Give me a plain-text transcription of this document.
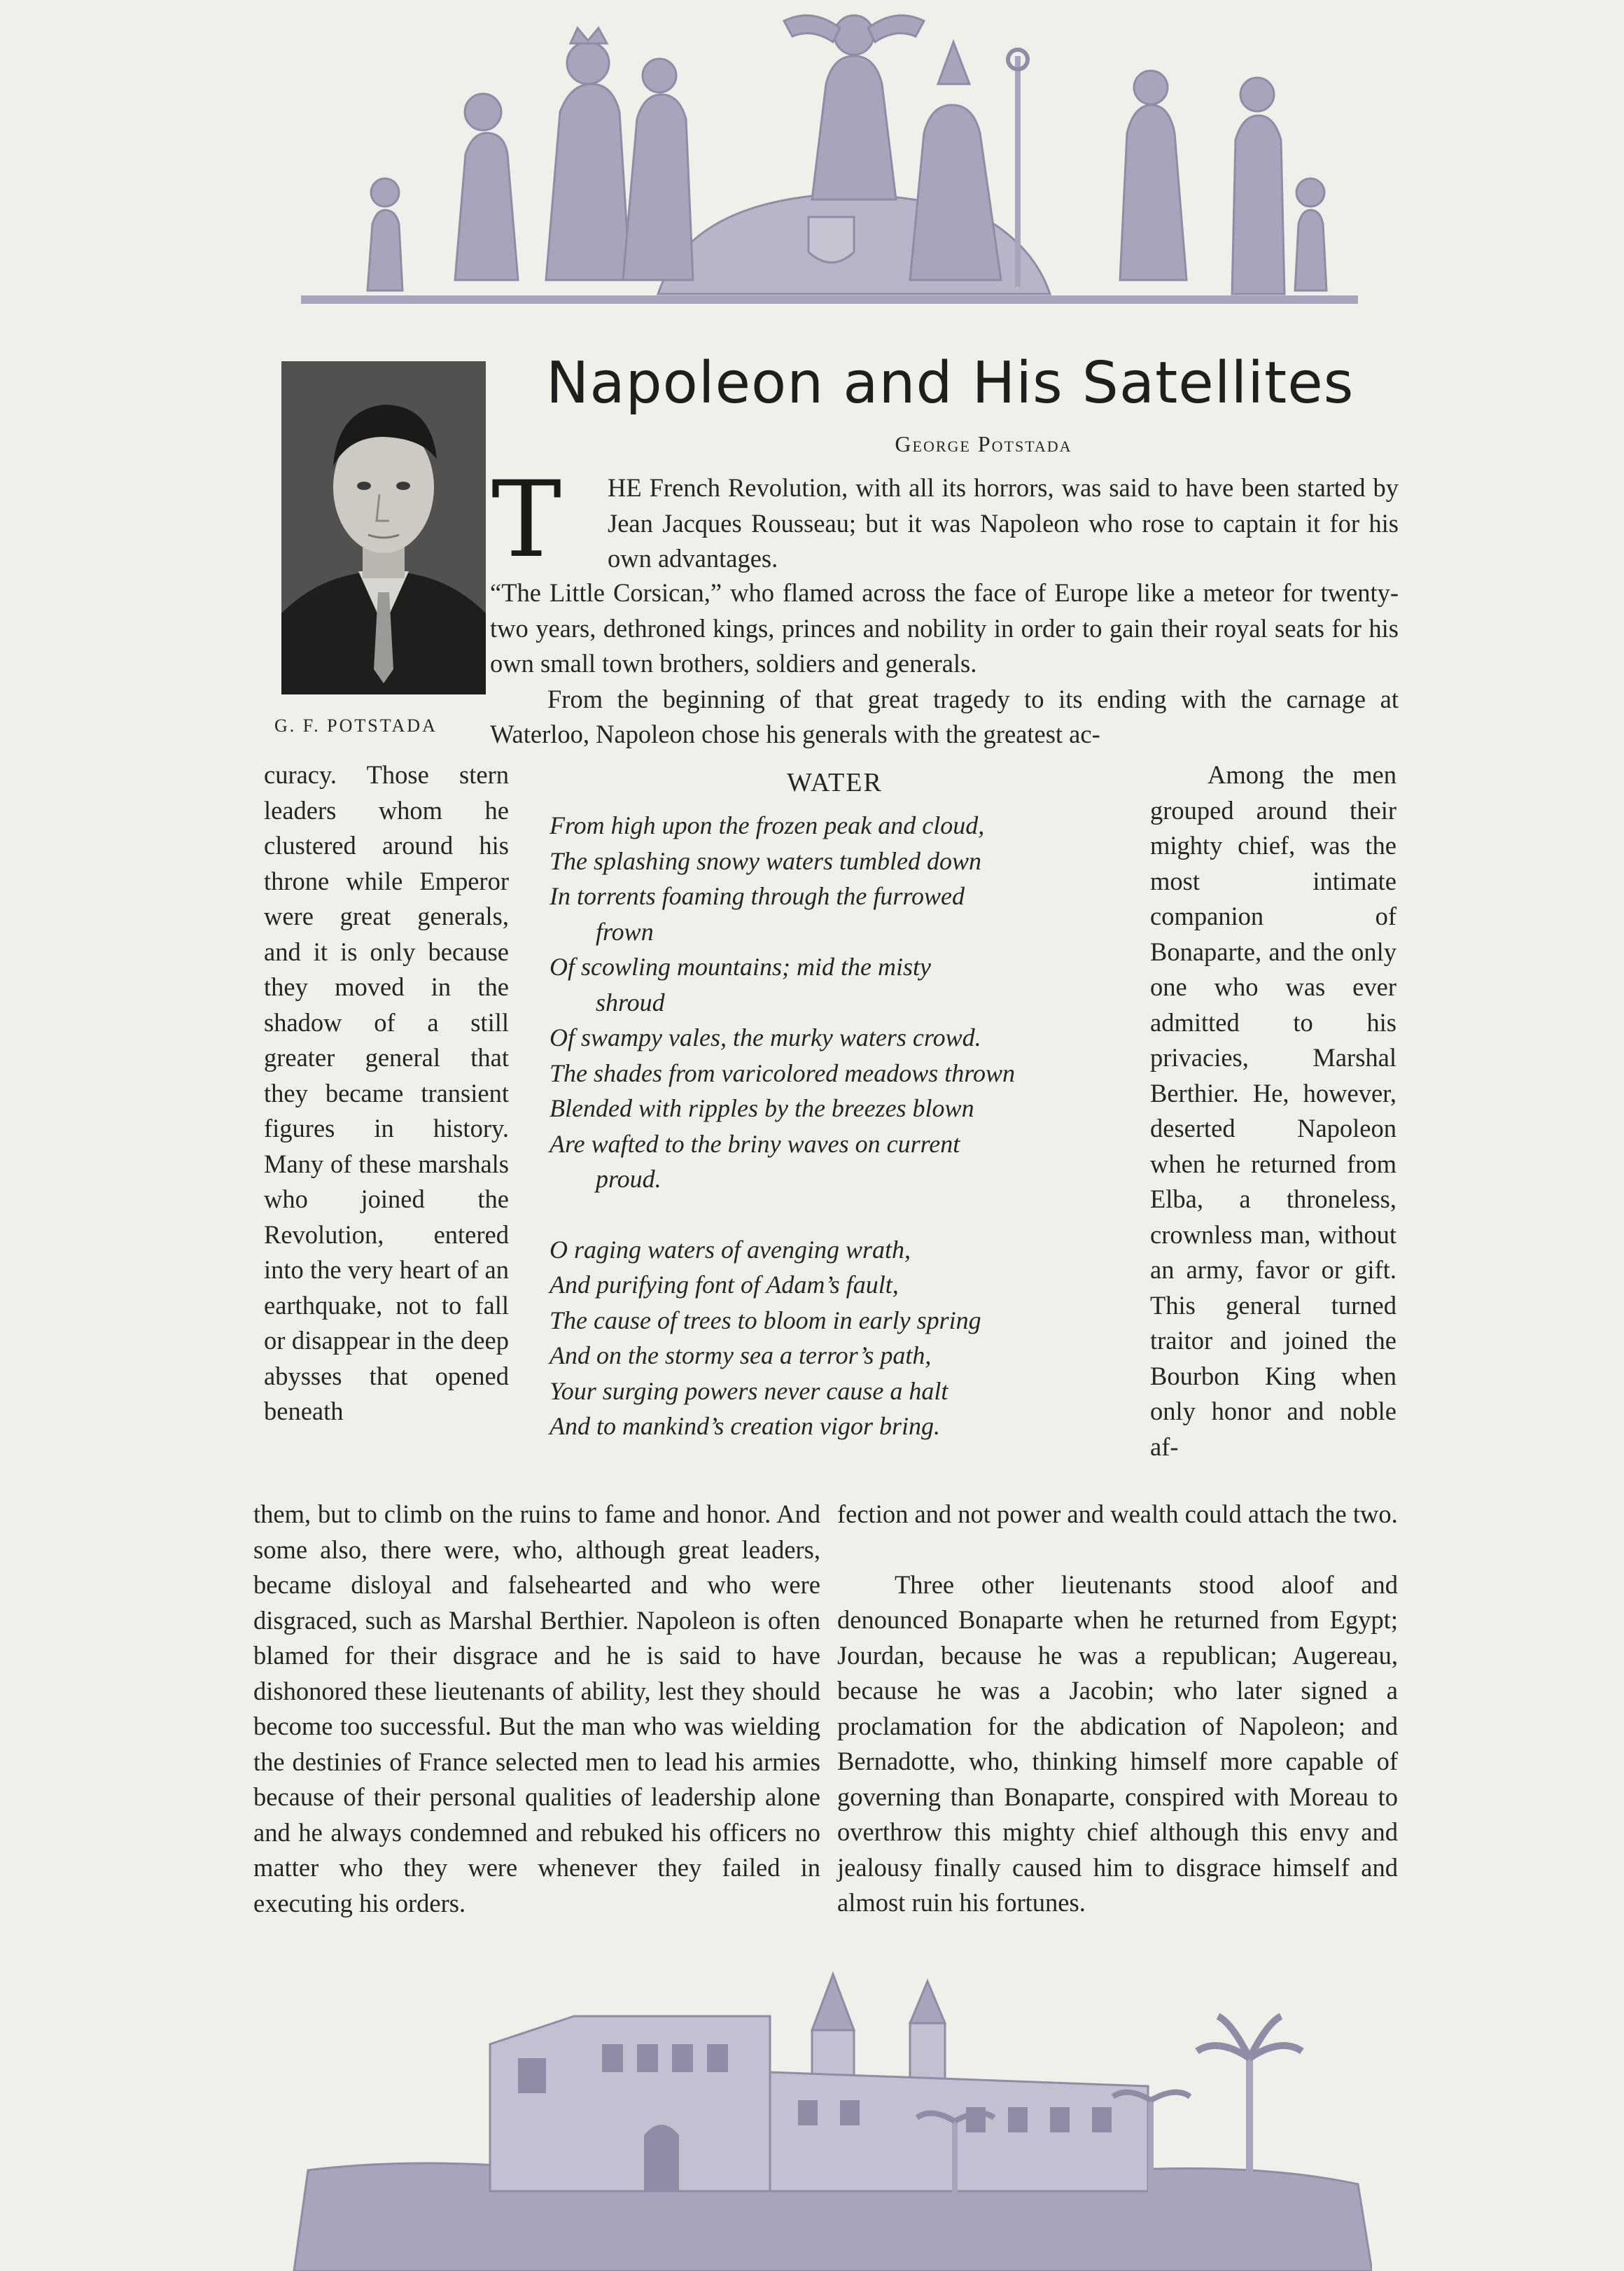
Napoleon and His Satellites
George Potstada
G. F. POTSTADA
T	HE French Revolution, with all its horrors, was said to have been started by Jean Jacques Rousseau; but it was Napoleon who rose to captain it for his own advantages.

“The Little Corsican,” who flamed across the face of Europe like a meteor for twenty-two years, dethroned kings, princes and nobility in order to gain their royal seats for his own small town brothers, soldiers and generals.

From the beginning of that great tragedy to its ending with the carnage at Waterloo, Napoleon chose his generals with the greatest ac-

curacy. Those stern leaders whom he clustered around his throne while Emperor were great generals, and it is only because they moved in the shadow of a still greater general that they became transient figures in history. Many of these marshals who joined the Revolution, entered into the very heart of an earthquake, not to fall or disappear in the deep abysses that opened beneath

WATER
From high upon the frozen peak and cloud,
The splashing snowy waters tumbled down
In torrents foaming through the furrowed
frown
Of scowling mountains; mid the misty
shroud
Of swampy vales, the murky waters crowd.
The shades from varicolored meadows thrown
Blended with ripples by the breezes blown
Are wafted to the briny waves on current
proud.
O raging waters of avenging wrath,
And purifying font of Adam’s fault,
The cause of trees to bloom in early spring
And on the stormy sea a terror’s path,
Your surging powers never cause a halt
And to mankind’s creation vigor bring.

Among the men grouped around their mighty chief, was the most intimate companion of Bonaparte, and the only one who was ever admitted to his privacies, Marshal Berthier. He, however, deserted Napoleon when he returned from Elba, a throneless, crownless man, without an army, favor or gift. This general turned traitor and joined the Bourbon King when only honor and noble af-

them, but to climb on the ruins to fame and honor. And some also, there were, who, although great leaders, became disloyal and falsehearted and who were disgraced, such as Marshal Berthier. Napoleon is often blamed for their disgrace and he is said to have dishonored these lieutenants of ability, lest they should become too successful. But the man who was wielding the destinies of France selected men to lead his armies because of their personal qualities of leadership alone and he always condemned and rebuked his officers no matter who they were whenever they failed in executing his orders.

fection and not power and wealth could attach the two.

Three other lieutenants stood aloof and denounced Bonaparte when he returned from Egypt; Jourdan, because he was a republican; Augereau, because he was a Jacobin; who later signed a proclamation for the abdication of Napoleon; and Bernadotte, who, thinking himself more capable of governing than Bonaparte, conspired with Moreau to overthrow this mighty chief although this envy and jealousy finally caused him to disgrace himself and almost ruin his fortunes.
